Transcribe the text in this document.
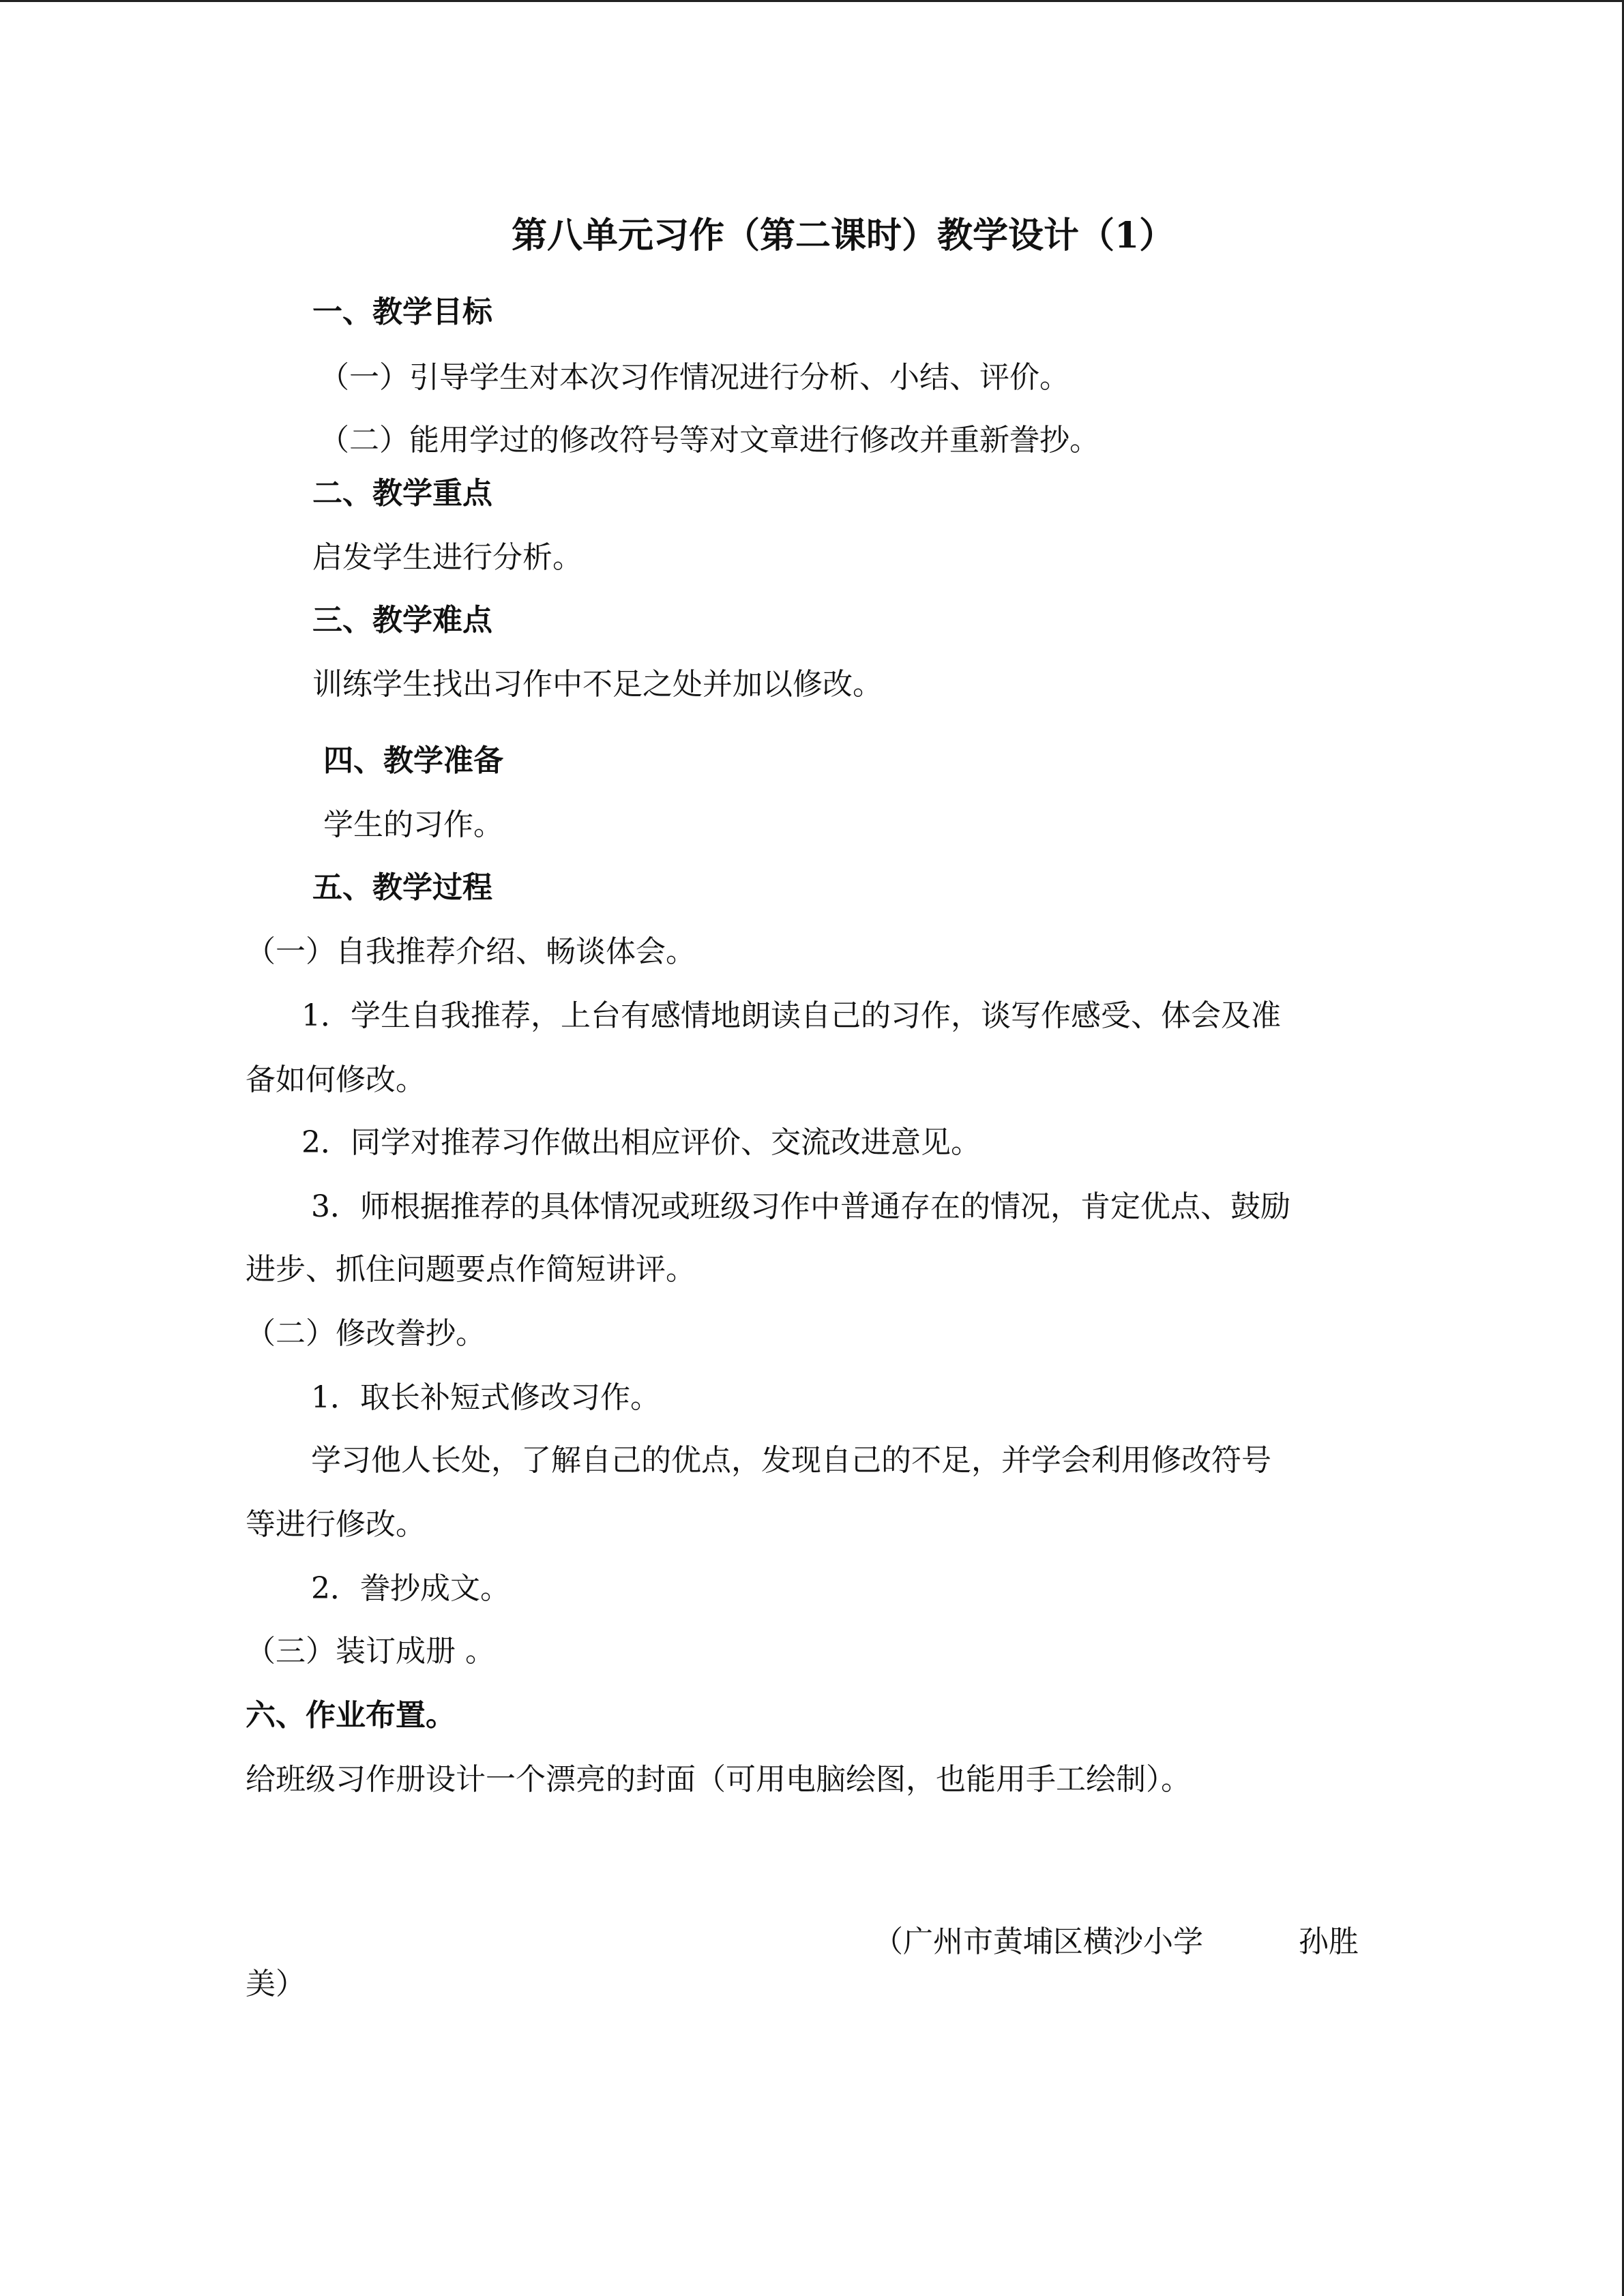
第八单元习作（第二课时）教学设计（1）
一、教学目标
（一）引导学生对本次习作情况进行分析、小结、评价。
（二）能用学过的修改符号等对文章进行修改并重新誊抄。
二、教学重点
启发学生进行分析。
三、教学难点
训练学生找出习作中不足之处并加以修改。
四、教学准备
学生的习作。
五、教学过程
（一）自我推荐介绍、畅谈体会。
1．学生自我推荐，上台有感情地朗读自己的习作，谈写作感受、体会及准
备如何修改。
2．同学对推荐习作做出相应评价、交流改进意见。
3．师根据推荐的具体情况或班级习作中普通存在的情况，肯定优点、鼓励
进步、抓住问题要点作简短讲评。
（二）修改誊抄。
1．取长补短式修改习作。
学习他人长处，了解自己的优点，发现自己的不足，并学会利用修改符号
等进行修改。
2．誊抄成文。
（三）装订成册 。
六、作业布置。
给班级习作册设计一个漂亮的封面（可用电脑绘图，也能用手工绘制）。
（广州市黄埔区横沙小学          孙胜
美）
